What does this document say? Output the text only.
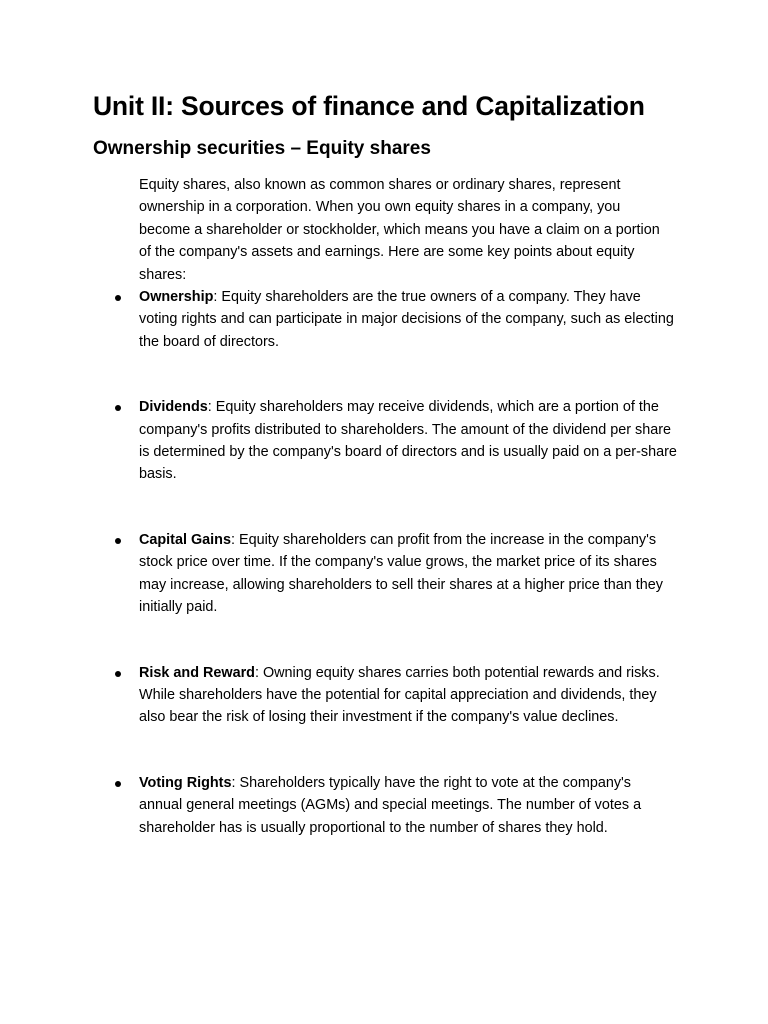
Unit II: Sources of finance and Capitalization
Ownership securities – Equity shares

Equity shares, also known as common shares or ordinary shares, represent ownership in a corporation. When you own equity shares in a company, you become a shareholder or stockholder, which means you have a claim on a portion of the company's assets and earnings. Here are some key points about equity shares:

Ownership: Equity shareholders are the true owners of a company. They have voting rights and can participate in major decisions of the company, such as electing the board of directors.
Dividends: Equity shareholders may receive dividends, which are a portion of the company's profits distributed to shareholders. The amount of the dividend per share is determined by the company's board of directors and is usually paid on a per-share basis.
Capital Gains: Equity shareholders can profit from the increase in the company's stock price over time. If the company's value grows, the market price of its shares may increase, allowing shareholders to sell their shares at a higher price than they initially paid.
Risk and Reward: Owning equity shares carries both potential rewards and risks. While shareholders have the potential for capital appreciation and dividends, they also bear the risk of losing their investment if the company's value declines.
Voting Rights: Shareholders typically have the right to vote at the company's annual general meetings (AGMs) and special meetings. The number of votes a shareholder has is usually proportional to the number of shares they hold.
